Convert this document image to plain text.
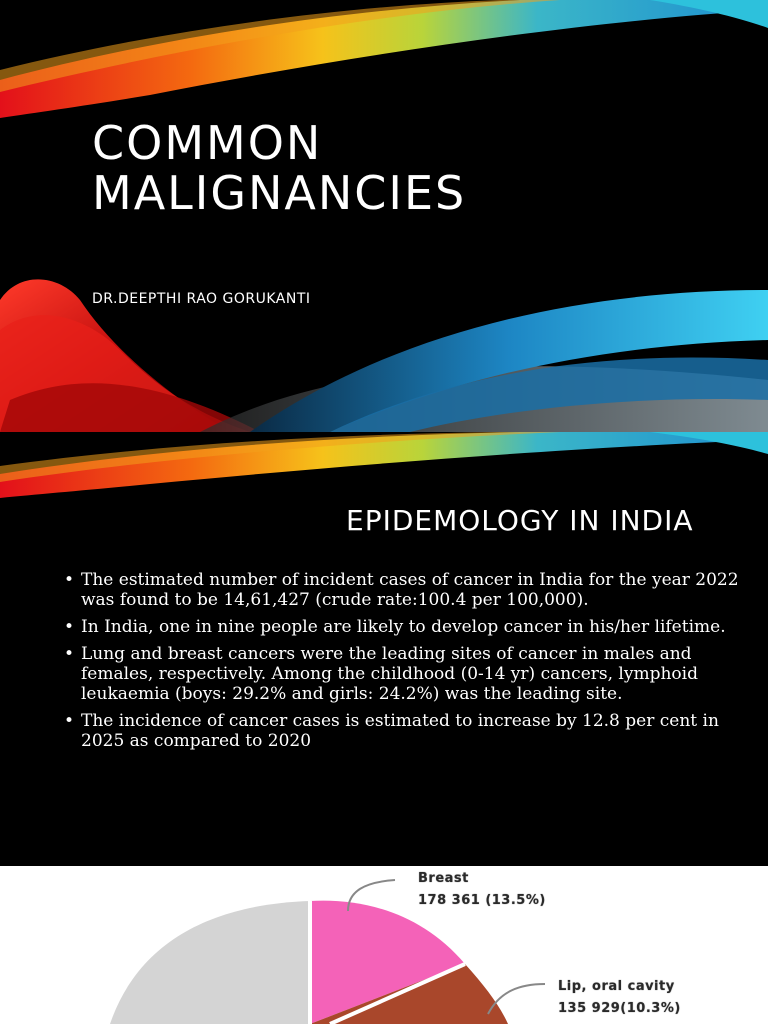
COMMON
MALIGNANCIES
DR.DEEPTHI RAO GORUKANTI
EPIDEMOLOGY IN INDIA
• The estimated number of incident cases of cancer in India for the year 2022 was found to be 14,61,427 (crude rate:100.4 per 100,000).
• In India, one in nine people are likely to develop cancer in his/her lifetime.
• Lung and breast cancers were the leading sites of cancer in males and females, respectively. Among the childhood (0-14 yr) cancers, lymphoid leukaemia (boys: 29.2% and girls: 24.2%) was the leading site.
• The incidence of cancer cases is estimated to increase by 12.8 per cent in 2025 as compared to 2020
Breast
178 361 (13.5%)
Lip, oral cavity
135 929(10.3%)
